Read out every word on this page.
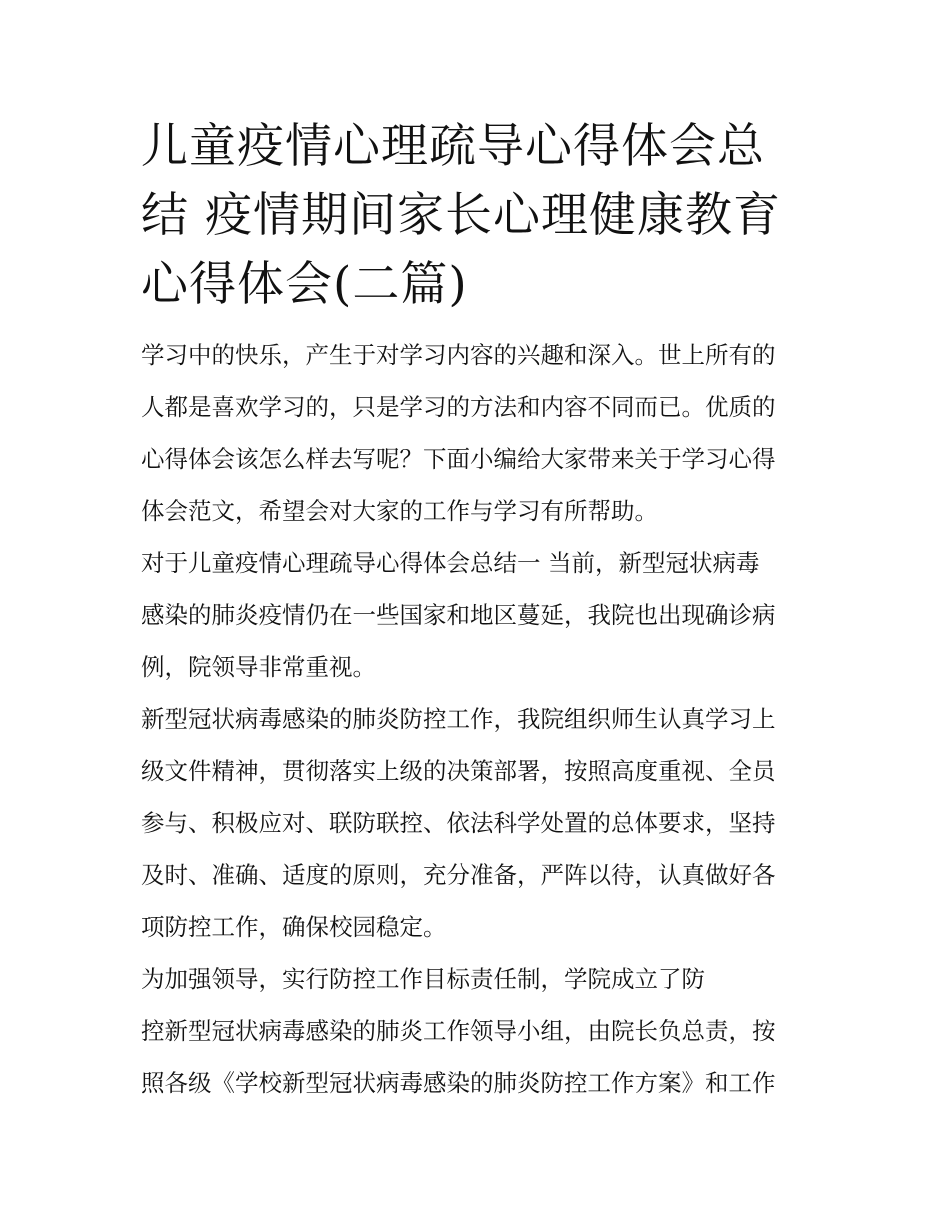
儿童疫情心理疏导心得体会总
结 疫情期间家长心理健康教育
心得体会(二篇)
学习中的快乐，产生于对学习内容的兴趣和深入。世上所有的
人都是喜欢学习的，只是学习的方法和内容不同而已。优质的
心得体会该怎么样去写呢？下面小编给大家带来关于学习心得
体会范文，希望会对大家的工作与学习有所帮助。
对于儿童疫情心理疏导心得体会总结一 当前，新型冠状病毒
感染的肺炎疫情仍在一些国家和地区蔓延，我院也出现确诊病
例，院领导非常重视。
新型冠状病毒感染的肺炎防控工作，我院组织师生认真学习上
级文件精神，贯彻落实上级的决策部署，按照高度重视、全员
参与、积极应对、联防联控、依法科学处置的总体要求，坚持
及时、准确、适度的原则，充分准备，严阵以待，认真做好各
项防控工作，确保校园稳定。
为加强领导，实行防控工作目标责任制，学院成立了防
控新型冠状病毒感染的肺炎工作领导小组，由院长负总责，按
照各级《学校新型冠状病毒感染的肺炎防控工作方案》和工作
